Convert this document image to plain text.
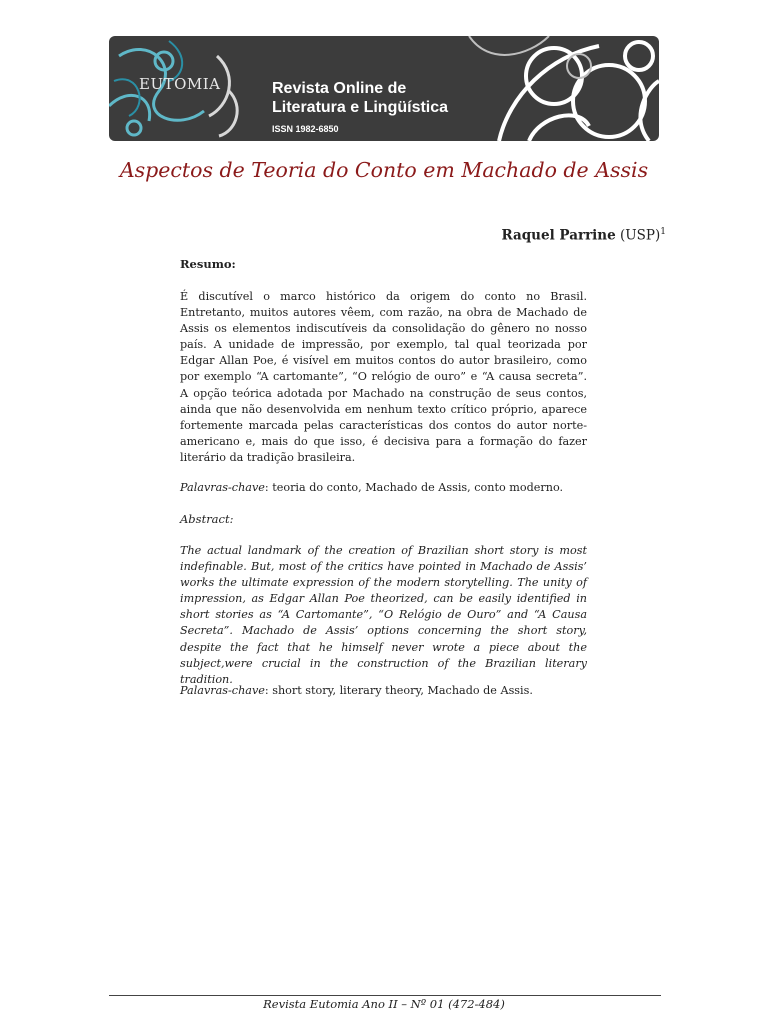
EUTOMIA	Revista Online de
Literatura e Lingüística
ISSN 1982-6850
Aspectos de Teoria do Conto em Machado de Assis
Raquel Parrine (USP)$^1$
Resumo:
É discutível o marco histórico da origem do conto no Brasil. Entretanto, muitos autores vêem, com razão, na obra de Machado de Assis os elementos indiscutíveis da consolidação do gênero no nosso país. A unidade de impressão, por exemplo, tal qual teorizada por Edgar Allan Poe, é visível em muitos contos do autor brasileiro, como por exemplo “A cartomante”, “O relógio de ouro” e “A causa secreta”. A opção teórica adotada por Machado na construção de seus contos, ainda que não desenvolvida em nenhum texto crítico próprio, aparece fortemente marcada pelas características dos contos do autor norte-americano e, mais do que isso, é decisiva para a formação do fazer literário da tradição brasileira.
Palavras-chave: teoria do conto, Machado de Assis, conto moderno.
Abstract:
The actual landmark of the creation of Brazilian short story is most indefinable. But, most of the critics have pointed in Machado de Assis’ works the ultimate expression of the modern storytelling. The unity of impression, as Edgar Allan Poe theorized, can be easily identified in short stories as “A Cartomante”, “O Relógio de Ouro” and “A Causa Secreta”. Machado de Assis’ options concerning the short story, despite the fact that he himself never wrote a piece about the subject,were crucial in the construction of the Brazilian literary tradition.
Palavras-chave: short story, literary theory, Machado de Assis.
Revista Eutomia Ano II – Nº 01 (472-484)
